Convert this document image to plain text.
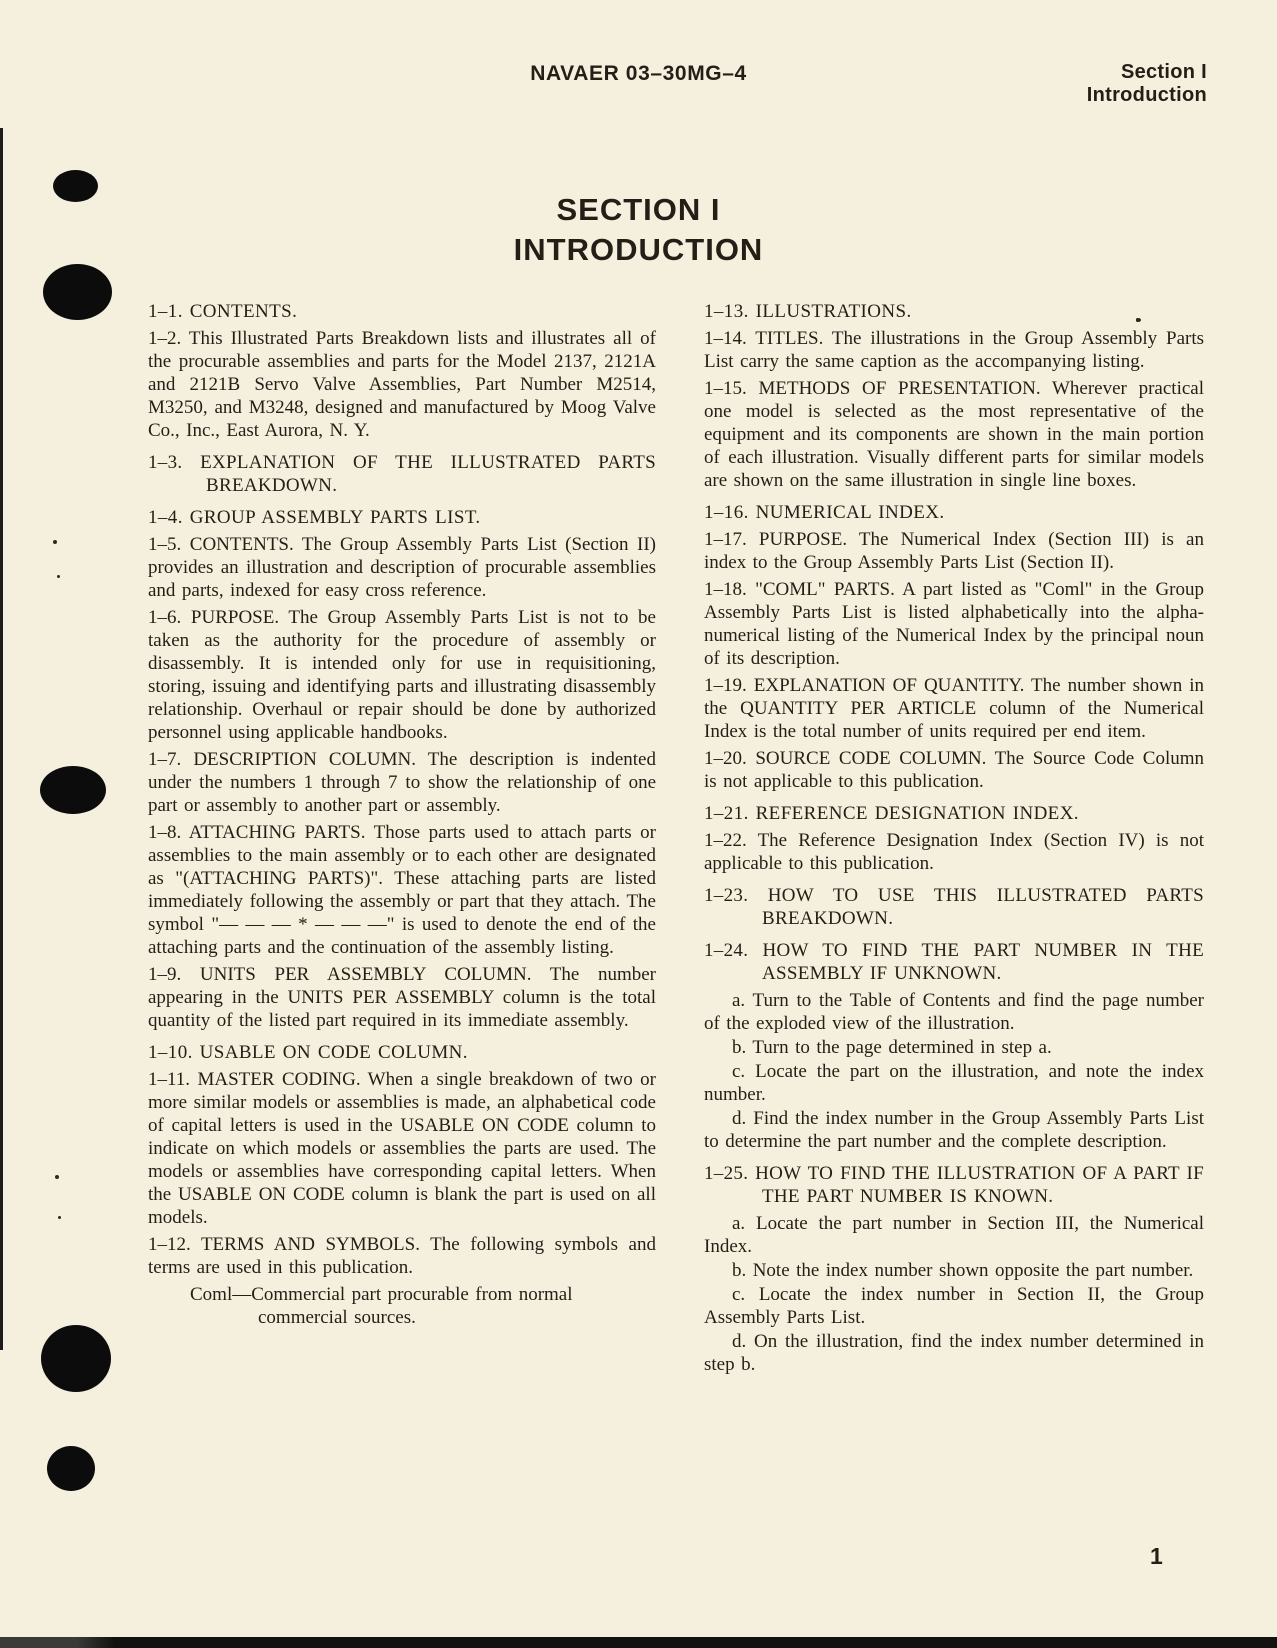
NAVAER 03–30MG–4	Section I
Introduction
SECTION I
INTRODUCTION

1–1. CONTENTS.

1–2. This Illustrated Parts Breakdown lists and illustrates all of the procurable assemblies and parts for the Model 2137, 2121A and 2121B Servo Valve Assemblies, Part Number M2514, M3250, and M3248, designed and manufactured by Moog Valve Co., Inc., East Aurora, N. Y.

1–3. EXPLANATION OF THE ILLUSTRATED PARTS BREAKDOWN.

1–4. GROUP ASSEMBLY PARTS LIST.

1–5. CONTENTS. The Group Assembly Parts List (Section II) provides an illustration and description of procurable assemblies and parts, indexed for easy cross reference.

1–6. PURPOSE. The Group Assembly Parts List is not to be taken as the authority for the procedure of assembly or disassembly. It is intended only for use in requisitioning, storing, issuing and identifying parts and illustrating disassembly relationship. Overhaul or repair should be done by authorized personnel using applicable handbooks.

1–7. DESCRIPTION COLUMN. The description is indented under the numbers 1 through 7 to show the relationship of one part or assembly to another part or assembly.

1–8. ATTACHING PARTS. Those parts used to attach parts or assemblies to the main assembly or to each other are designated as "(ATTACHING PARTS)". These attaching parts are listed immediately following the assembly or part that they attach. The symbol "— — — * — — —" is used to denote the end of the attaching parts and the continuation of the assembly listing.

1–9. UNITS PER ASSEMBLY COLUMN. The number appearing in the UNITS PER ASSEMBLY column is the total quantity of the listed part required in its immediate assembly.

1–10. USABLE ON CODE COLUMN.

1–11. MASTER CODING. When a single breakdown of two or more similar models or assemblies is made, an alphabetical code of capital letters is used in the USABLE ON CODE column to indicate on which models or assemblies the parts are used. The models or assemblies have corresponding capital letters. When the USABLE ON CODE column is blank the part is used on all models.

1–12. TERMS AND SYMBOLS. The following symbols and terms are used in this publication.

Coml—Commercial part procurable from normal commercial sources.

1–13. ILLUSTRATIONS.

1–14. TITLES. The illustrations in the Group Assembly Parts List carry the same caption as the accompanying listing.

1–15. METHODS OF PRESENTATION. Wherever practical one model is selected as the most representative of the equipment and its components are shown in the main portion of each illustration. Visually different parts for similar models are shown on the same illustration in single line boxes.

1–16. NUMERICAL INDEX.

1–17. PURPOSE. The Numerical Index (Section III) is an index to the Group Assembly Parts List (Section II).

1–18. "COML" PARTS. A part listed as "Coml" in the Group Assembly Parts List is listed alphabetically into the alpha-numerical listing of the Numerical Index by the principal noun of its description.

1–19. EXPLANATION OF QUANTITY. The number shown in the QUANTITY PER ARTICLE column of the Numerical Index is the total number of units required per end item.

1–20. SOURCE CODE COLUMN. The Source Code Column is not applicable to this publication.

1–21. REFERENCE DESIGNATION INDEX.

1–22. The Reference Designation Index (Section IV) is not applicable to this publication.

1–23. HOW TO USE THIS ILLUSTRATED PARTS BREAKDOWN.

1–24. HOW TO FIND THE PART NUMBER IN THE ASSEMBLY IF UNKNOWN.

a. Turn to the Table of Contents and find the page number of the exploded view of the illustration.

b. Turn to the page determined in step a.

c. Locate the part on the illustration, and note the index number.

d. Find the index number in the Group Assembly Parts List to determine the part number and the complete description.

1–25. HOW TO FIND THE ILLUSTRATION OF A PART IF THE PART NUMBER IS KNOWN.

a. Locate the part number in Section III, the Numerical Index.

b. Note the index number shown opposite the part number.

c. Locate the index number in Section II, the Group Assembly Parts List.

d. On the illustration, find the index number determined in step b.

1
